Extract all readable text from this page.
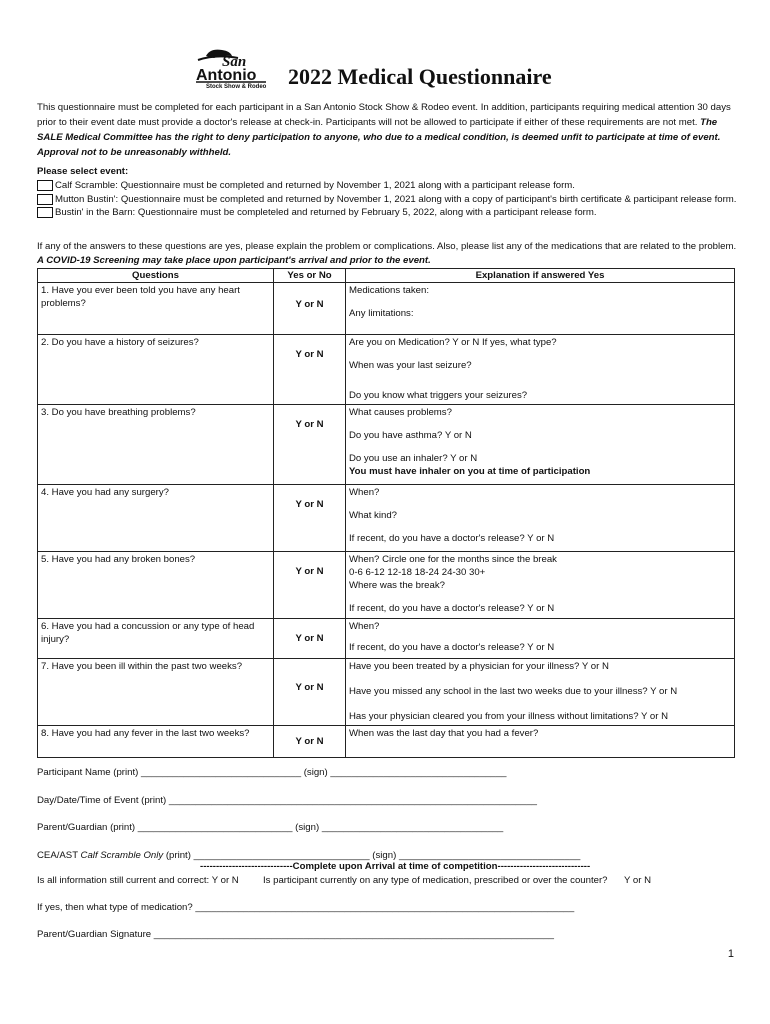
San
Antonio
Stock Show & Rodeo 2022 Medical Questionnaire
This questionnaire must be completed for each participant in a San Antonio Stock Show & Rodeo event. In addition, participants requiring medical attention 30 days prior to their event date must provide a doctor's release at check-in. Participants will not be allowed to participate if either of these requirements are not met. The SALE Medical Committee has the right to deny participation to anyone, who due to a medical condition, is deemed unfit to participate at time of event. Approval not to be unreasonably withheld.
Please select event:
Calf Scramble: Questionnaire must be completed and returned by November 1, 2021 along with a participant release form.
Mutton Bustin': Questionnaire must be completed and returned by November 1, 2021 along with a copy of participant's birth certificate & participant release form.
Bustin' in the Barn: Questionnaire must be completeled and returned by February 5, 2022, along with a participant release form.
If any of the answers to these questions are yes, please explain the problem or complications. Also, please list any of the medications that are related to the problem.
A COVID-19 Screening may take place upon participant's arrival and prior to the event.
Questions	Yes or No	Explanation if answered Yes
1. Have you ever been told you have any heart problems?	Y or N	Medications taken:
Any limitations:

2. Do you have a history of seizures?	Y or N	Are you on Medication? Y or N If yes, what type?
When was your last seizure?
Do you know what triggers your seizures?

3. Do you have breathing problems?	Y or N	What causes problems?
Do you have asthma? Y or N
Do you use an inhaler? Y or N
You must have inhaler on you at time of participation

4. Have you had any surgery?	Y or N	When?
What kind?
If recent, do you have a doctor's release? Y or N

5. Have you had any broken bones?	Y or N	When? Circle one for the months since the break
0-6 6-12 12-18 18-24 24-30 30+
Where was the break?
If recent, do you have a doctor's release? Y or N

6. Have you had a concussion or any type of head injury?	Y or N	When?
If recent, do you have a doctor's release? Y or N

7. Have you been ill within the past two weeks?	Y or N	Have you been treated by a physician for your illness? Y or N
Have you missed any school in the last two weeks due to your illness? Y or N
Has your physician cleared you from your illness without limitations? Y or N

8. Have you had any fever in the last two weeks?	Y or N	When was the last day that you had a fever?
Participant Name (print) ______________________________ (sign) _________________________________
Day/Date/Time of Event (print) _____________________________________________________________________
Parent/Guardian (print) _____________________________ (sign) __________________________________
CEA/AST Calf Scramble Only (print) _________________________________ (sign) __________________________________
-----------------------------Complete upon Arrival at time of competition-----------------------------
Is all information still current and correct: Y or N	Is participant currently on any type of medication, prescribed or over the counter? Y or N
If yes, then what type of medication? _______________________________________________________________________
Parent/Guardian Signature ___________________________________________________________________________
1
